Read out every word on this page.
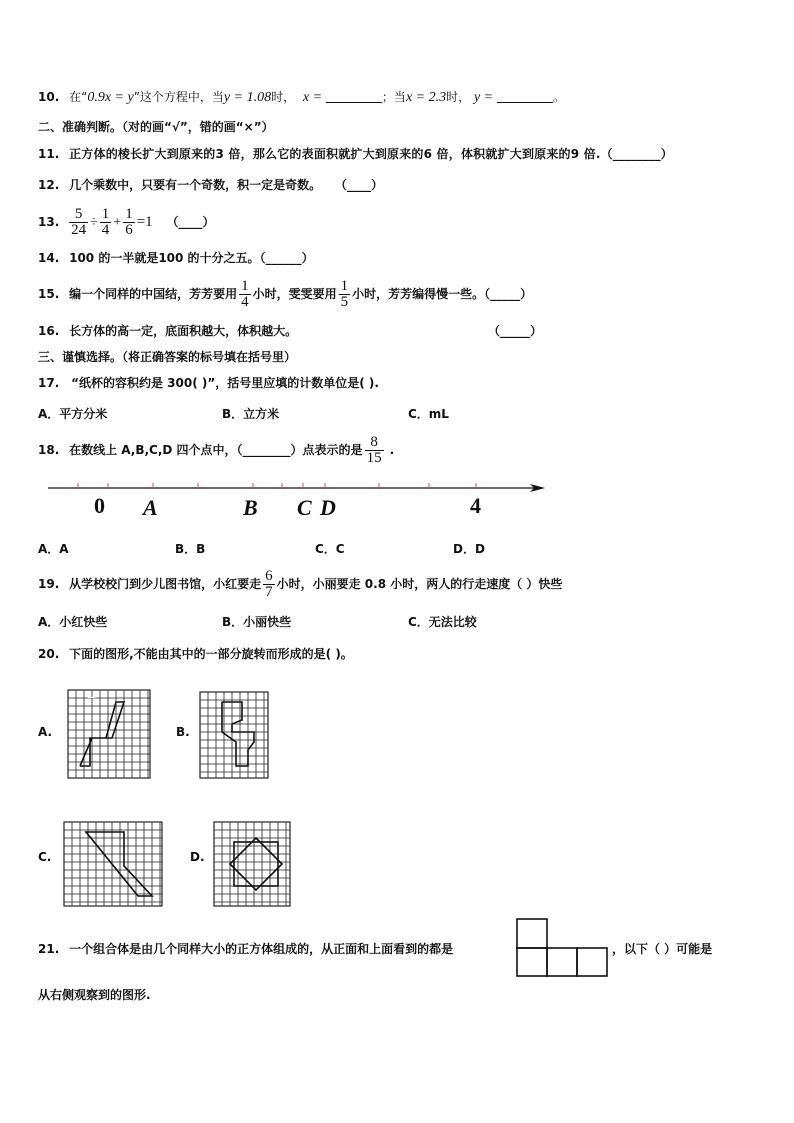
10. 在“0.9x = y”这个方程中，当y = 1.08时， x =	；当x = 2.3时， y =	。
二、准确判断。（对的画“√”，错的画“×”）
11. 正方体的棱长扩大到原来的3 倍，那么它的表面积就扩大到原来的6 倍，体积就扩大到原来的9 倍.（________）
12. 几个乘数中，只要有一个奇数，积一定是奇数。 （____）
13. $\frac{5}{24} \div \frac{1}{4} + \frac{1}{6} =1$ （____）
14. 100 的一半就是100 的十分之五。（______）
15. 编一个同样的中国结，芳芳要用 $\frac{1}{4}$ 小时，雯雯要用 $\frac{1}{5}$ 小时，芳芳编得慢一些。（_____）
16. 长方体的高一定，底面积越大，体积越大。	（_____）
三、谨慎选择。（将正确答案的标号填在括号里）
17. “纸杯的容积约是 300( )”，括号里应填的计数单位是( ).
A．平方分米	B．立方米	C．mL
18. 在数线上 A,B,C,D 四个点中，（________）点表示的是 $\frac{8}{15}$ .
0 A	B C D	4
A．A	B．B	C．C	D．D
19. 从学校校门到少儿图书馆，小红要走 $\frac{6}{7}$ 小时，小丽要走 0.8 小时，两人的行走速度（ ）快些
A．小红快些	B．小丽快些	C．无法比较
20. 下面的图形,不能由其中的一部分旋转而形成的是( )。
A.	B.
C.	D.
21. 一个组合体是由几个同样大小的正方体组成的，从正面和上面看到的都是	，以下（ ）可能是
从右侧观察到的图形.
